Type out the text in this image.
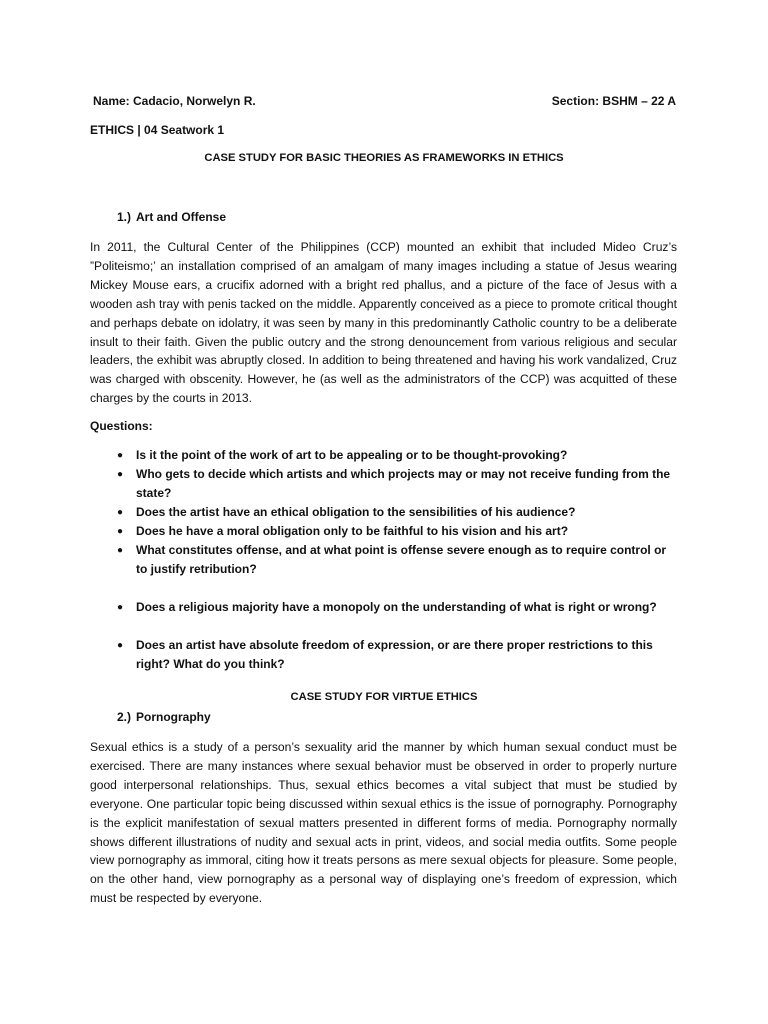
Name: Cadacio, Norwelyn R.	Section: BSHM – 22 A
ETHICS | 04 Seatwork 1
CASE STUDY FOR BASIC THEORIES AS FRAMEWORKS IN ETHICS
1.) Art and Offense

In 2011, the Cultural Center of the Philippines (CCP) mounted an exhibit that included Mideo Cruz’s ”Politeismo;’ an installation comprised of an amalgam of many images including a statue of Jesus wearing Mickey Mouse ears, a crucifix adorned with a bright red phallus, and a picture of the face of Jesus with a wooden ash tray with penis tacked on the middle. Apparently conceived as a piece to promote critical thought and perhaps debate on idolatry, it was seen by many in this predominantly Catholic country to be a deliberate insult to their faith. Given the public outcry and the strong denouncement from various religious and secular leaders, the exhibit was abruptly closed. In addition to being threatened and having his work vandalized, Cruz was charged with obscenity. However, he (as well as the administrators of the CCP) was acquitted of these charges by the courts in 2013.

Questions:
● Is it the point of the work of art to be appealing or to be thought-provoking?
● Who gets to decide which artists and which projects may or may not receive funding from the state?
● Does the artist have an ethical obligation to the sensibilities of his audience?
● Does he have a moral obligation only to be faithful to his vision and his art?
● What constitutes offense, and at what point is offense severe enough as to require control or to justify retribution?
● Does a religious majority have a monopoly on the understanding of what is right or wrong?
● Does an artist have absolute freedom of expression, or are there proper restrictions to this right? What do you think?
CASE STUDY FOR VIRTUE ETHICS
2.) Pornography

Sexual ethics is a study of a person’s sexuality arid the manner by which human sexual conduct must be exercised. There are many instances where sexual behavior must be observed in order to properly nurture good interpersonal relationships. Thus, sexual ethics becomes a vital subject that must be studied by everyone. One particular topic being discussed within sexual ethics is the issue of pornography. Pornography is the explicit manifestation of sexual matters presented in different forms of media. Pornography normally shows different illustrations of nudity and sexual acts in print, videos, and social media outfits. Some people view pornography as immoral, citing how it treats persons as mere sexual objects for pleasure. Some people, on the other hand, view pornography as a personal way of displaying one’s freedom of expression, which must be respected by everyone.
